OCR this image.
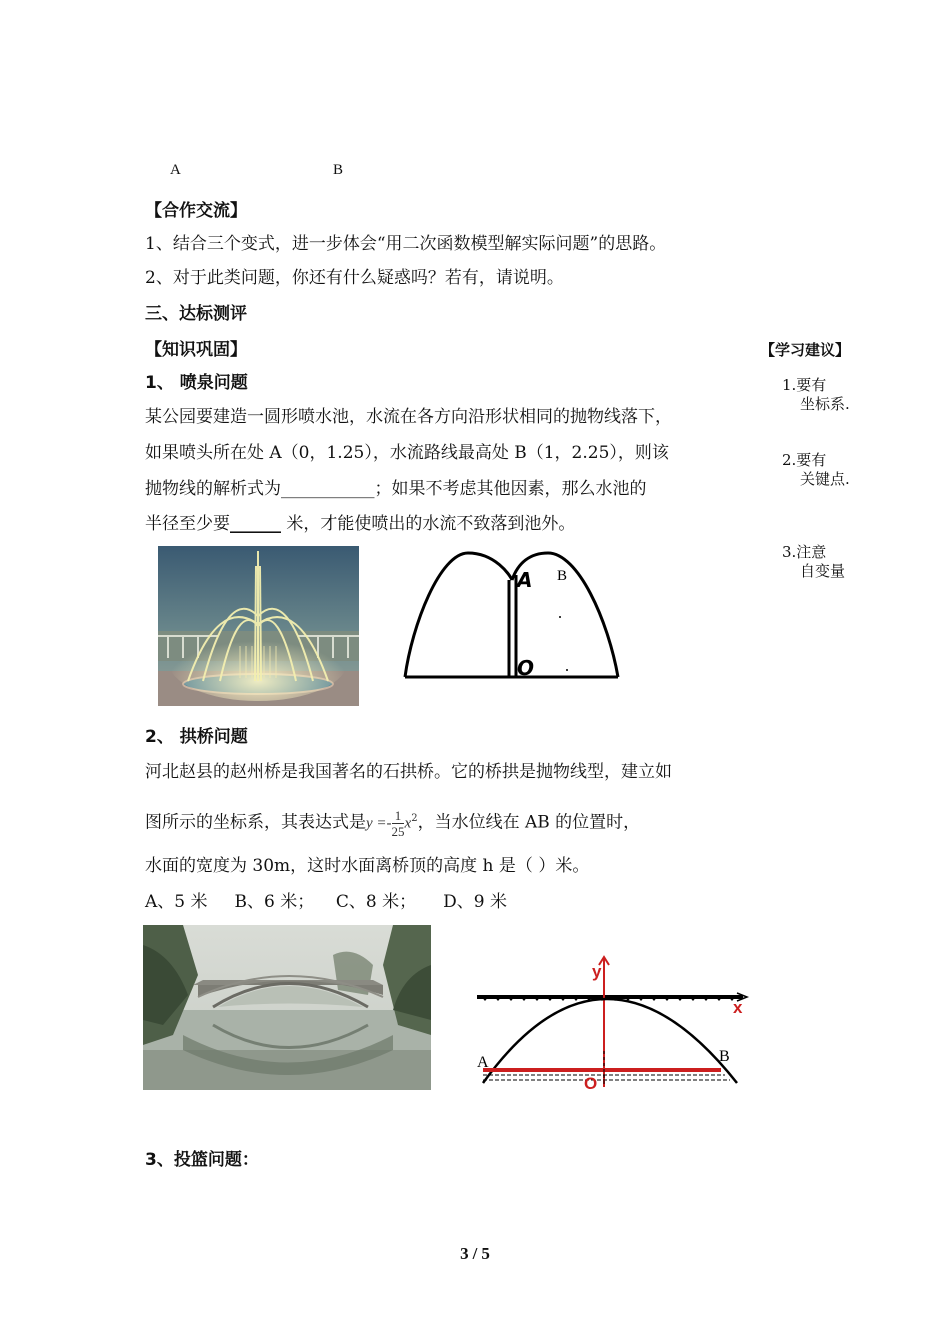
A	B
【合作交流】
1、结合三个变式，进一步体会“用二次函数模型解实际问题”的思路。
2、对于此类问题，你还有什么疑惑吗？若有，请说明。
三、达标测评
【知识巩固】	【学习建议】
1.要有
坐标系.
2.要有
关键点.
3.注意
自变量
1、 喷泉问题
某公园要建造一圆形喷水池，水流在各方向沿形状相同的抛物线落下，
如果喷头所在处 A（0，1.25），水流路线最高处 B（1，2.25），则该
抛物线的解析式为___________；如果不考虑其他因素，那么水池的
半径至少要______ 米，才能使喷出的水流不致落到池外。
A B
O
2、 拱桥问题
河北赵县的赵州桥是我国著名的石拱桥。它的桥拱是抛物线型，建立如
图所示的坐标系，其表达式是$y =- \frac{1}{25} x^2$，当水位线在 AB 的位置时，
水面的宽度为 30m，这时水面离桥顶的高度 h 是（ ）米。
A、5 米     B、6 米；    C、8 米；     D、9 米
y
x
A	B
O
3、投篮问题：
3 / 5
